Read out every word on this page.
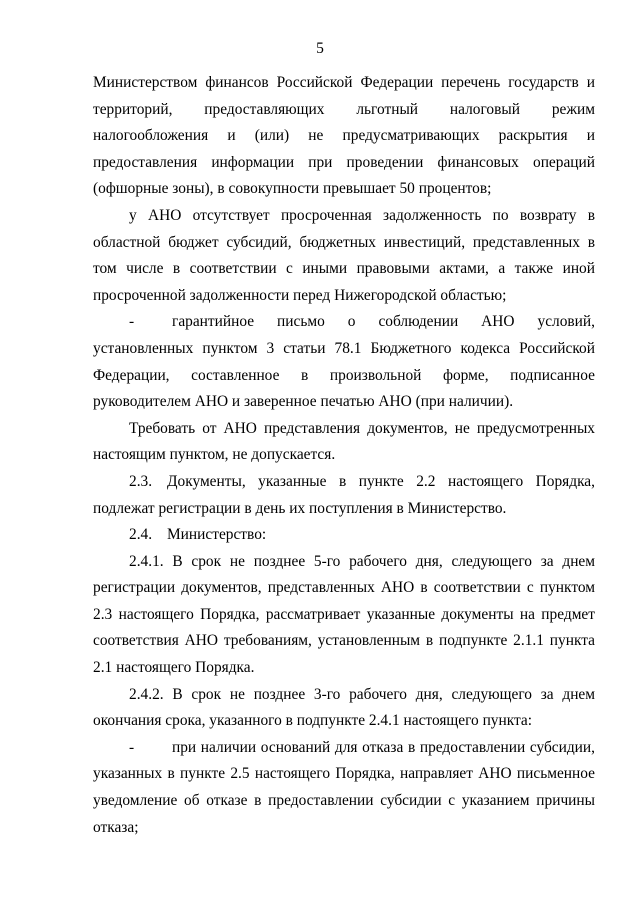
5

Министерством финансов Российской Федерации перечень государств и территорий, предоставляющих льготный налоговый режим налогообложения и (или) не предусматривающих раскрытия и предоставления информации при проведении финансовых операций (офшорные зоны), в совокупности превышает 50 процентов;

у АНО отсутствует просроченная задолженность по возврату в областной бюджет субсидий, бюджетных инвестиций, представленных в том числе в соответствии с иными правовыми актами, а также иной просроченной задолженности перед Нижегородской областью;

- гарантийное письмо о соблюдении АНО условий, установленных пунктом 3 статьи 78.1 Бюджетного кодекса Российской Федерации, составленное в произвольной форме, подписанное руководителем АНО и заверенное печатью АНО (при наличии).

Требовать от АНО представления документов, не предусмотренных настоящим пунктом, не допускается.

2.3. Документы, указанные в пункте 2.2 настоящего Порядка, подлежат регистрации в день их поступления в Министерство.

2.4. Министерство:

2.4.1. В срок не позднее 5-го рабочего дня, следующего за днем регистрации документов, представленных АНО в соответствии с пунктом 2.3 настоящего Порядка, рассматривает указанные документы на предмет соответствия АНО требованиям, установленным в подпункте 2.1.1 пункта 2.1 настоящего Порядка.

2.4.2. В срок не позднее 3-го рабочего дня, следующего за днем окончания срока, указанного в подпункте 2.4.1 настоящего пункта:

- при наличии оснований для отказа в предоставлении субсидии, указанных в пункте 2.5 настоящего Порядка, направляет АНО письменное уведомление об отказе в предоставлении субсидии с указанием причины отказа;
